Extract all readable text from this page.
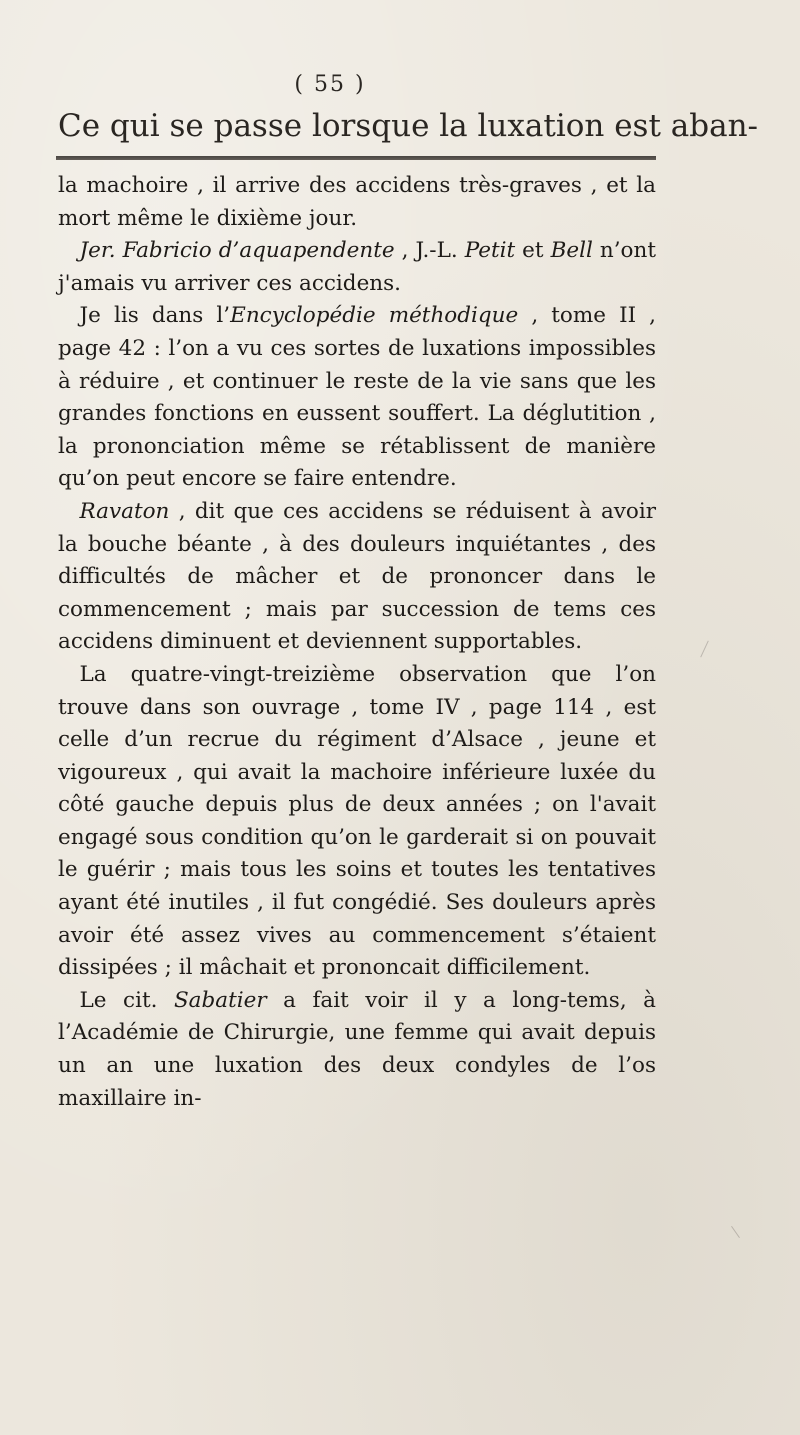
( 55 )
Ce qui se passe lorsque la luxation est aban-

la machoire , il arrive des accidens très-graves , et la mort même le dixième jour.

 Jer. Fabricio d’aquapendente , J.-L. Petit et Bell n’ont j'amais vu arriver ces accidens.

 Je lis dans l’Encyclopédie méthodique , tome II , page 42 : l’on a vu ces sortes de luxations impossibles à réduire , et continuer le reste de la vie sans que les grandes fonctions en eussent souffert. La déglutition , la prononciation même se rétablissent de manière qu’on peut encore se faire entendre.

 Ravaton , dit que ces accidens se réduisent à avoir la bouche béante , à des douleurs inquiétantes , des difficultés de mâcher et de prononcer dans le commencement ; mais par succession de tems ces accidens diminuent et deviennent supportables.

 La quatre-vingt-treizième observation que l’on trouve dans son ouvrage , tome IV , page 114 , est celle d’un recrue du régiment d’Alsace , jeune et vigoureux , qui avait la machoire inférieure luxée du côté gauche depuis plus de deux années ; on l'avait engagé sous condition qu’on le garderait si on pouvait le guérir ; mais tous les soins et toutes les tentatives ayant été inutiles , il fut congédié. Ses douleurs après avoir été assez vives au commencement s’étaient dissipées ; il mâchait et prononcait difficilement.

 Le cit. Sabatier a fait voir il y a long-tems, à l’Académie de Chirurgie, une femme qui avait depuis un an une luxation des deux condyles de l’os maxillaire in-
